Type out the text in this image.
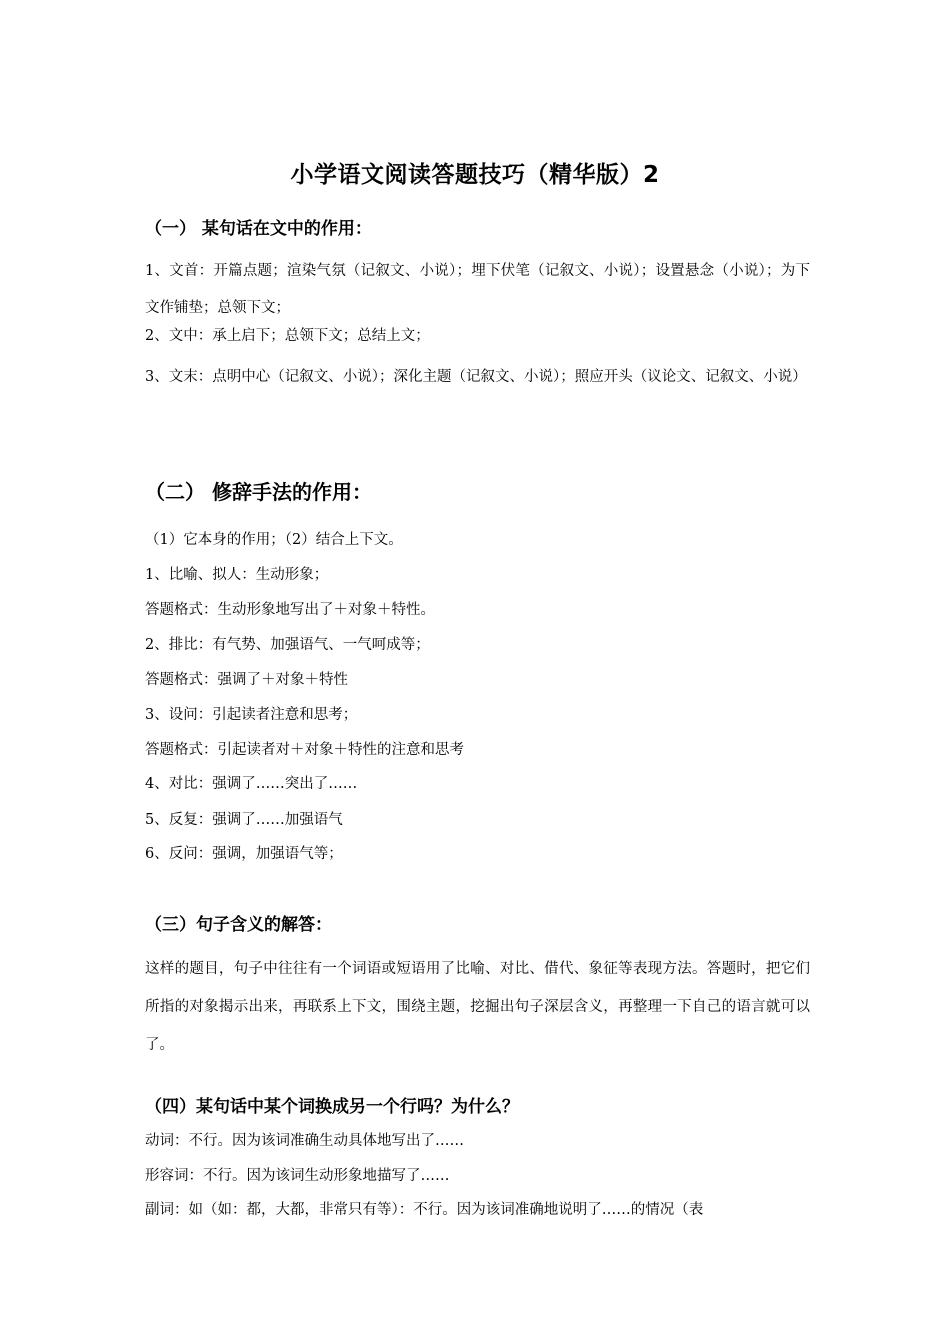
小学语文阅读答题技巧（精华版）2
（一） 某句话在文中的作用：
1、文首：开篇点题；渲染气氛（记叙文、小说）；埋下伏笔（记叙文、小说）；设置悬念（小说）；为下文作铺垫；总领下文；
2、文中：承上启下；总领下文；总结上文；
3、文末：点明中心（记叙文、小说）；深化主题（记叙文、小说）；照应开头（议论文、记叙文、小说）
（二） 修辞手法的作用：
（1）它本身的作用；（2）结合上下文。
1、比喻、拟人：生动形象；
答题格式：生动形象地写出了＋对象＋特性。
2、排比：有气势、加强语气、一气呵成等；
答题格式：强调了＋对象＋特性
3、设问：引起读者注意和思考；
答题格式：引起读者对＋对象＋特性的注意和思考
4、对比：强调了……突出了……
5、反复：强调了……加强语气
6、反问：强调，加强语气等；
（三）句子含义的解答：
这样的题目，句子中往往有一个词语或短语用了比喻、对比、借代、象征等表现方法。答题时，把它们所指的对象揭示出来，再联系上下文，围绕主题，挖掘出句子深层含义，再整理一下自己的语言就可以了。
（四）某句话中某个词换成另一个行吗？为什么？
动词：不行。因为该词准确生动具体地写出了……
形容词：不行。因为该词生动形象地描写了……
副词：如（如：都，大都，非常只有等）：不行。因为该词准确地说明了……的情况（表
